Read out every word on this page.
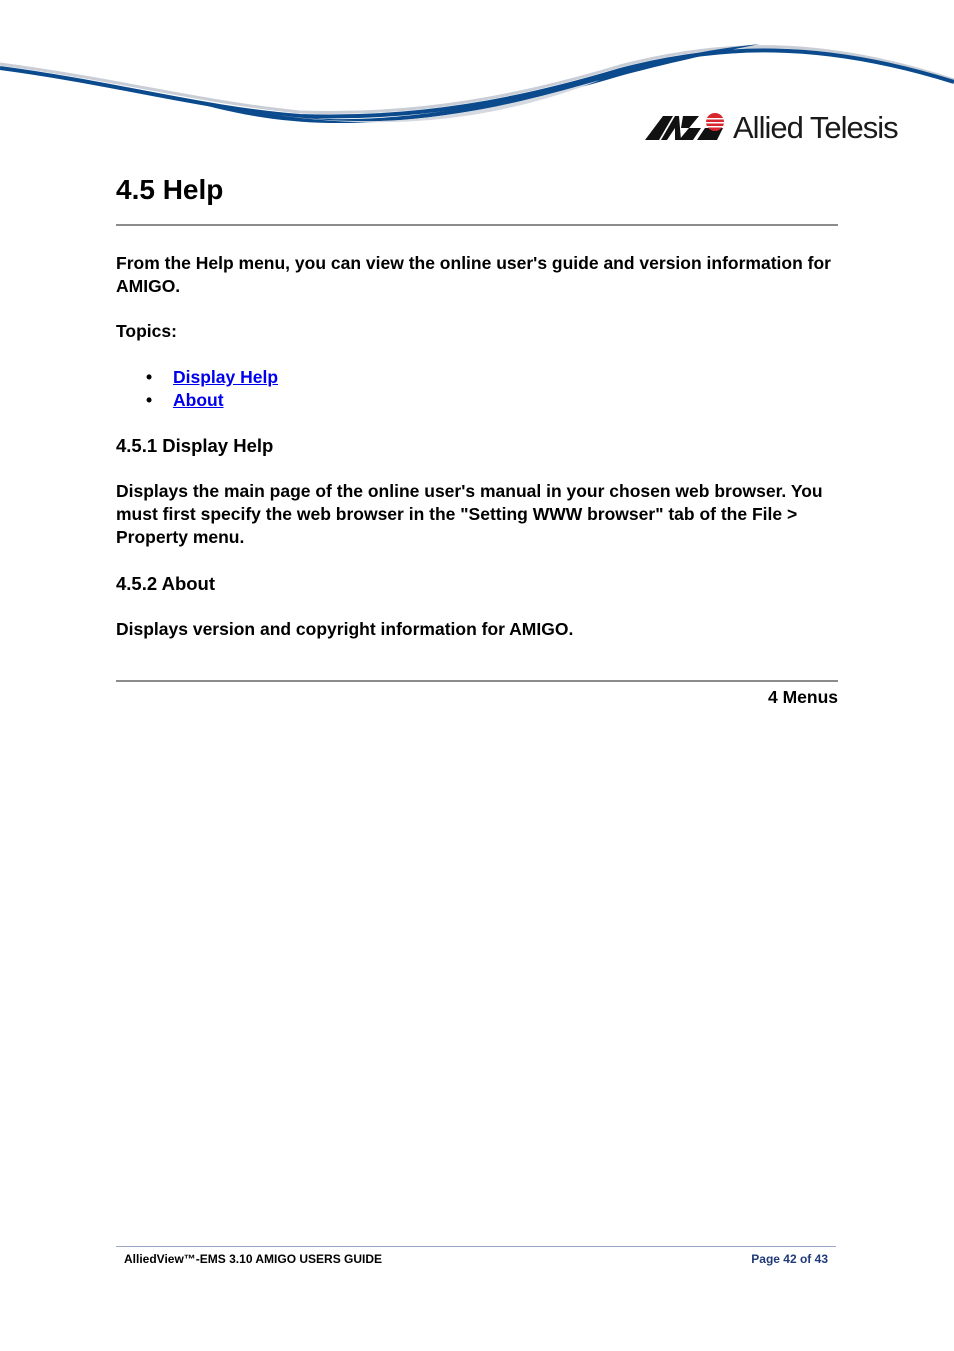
Allied Telesis
4.5 Help

From the Help menu, you can view the online user's guide and version information for AMIGO.

Topics:

• Display Help
• About
4.5.1 Display Help

Displays the main page of the online user's manual in your chosen web browser. You must first specify the web browser in the "Setting WWW browser" tab of the File > Property menu.

4.5.2 About

Displays version and copyright information for AMIGO.

4 Menus
AlliedView™-EMS 3.10 AMIGO USERS GUIDE	Page 42 of 43
